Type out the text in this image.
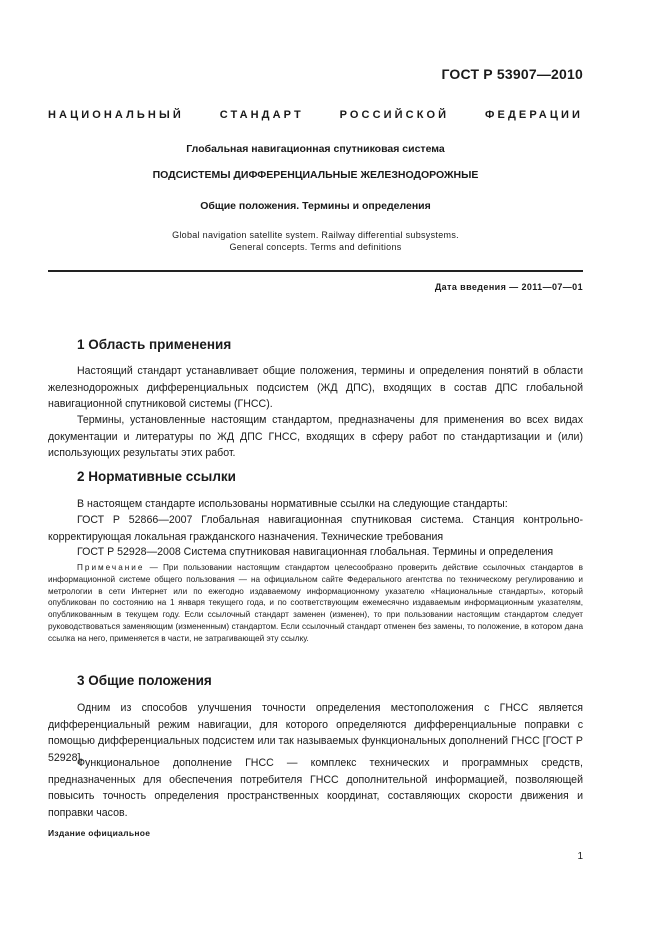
ГОСТ Р 53907—2010
НАЦИОНАЛЬНЫЙ СТАНДАРТ РОССИЙСКОЙ ФЕДЕРАЦИИ
Глобальная навигационная спутниковая система
ПОДСИСТЕМЫ ДИФФЕРЕНЦИАЛЬНЫЕ ЖЕЛЕЗНОДОРОЖНЫЕ
Общие положения. Термины и определения
Global navigation satellite system. Railway differential subsystems.
General concepts. Terms and definitions
Дата введения — 2011—07—01
1 Область применения
Настоящий стандарт устанавливает общие положения, термины и определения понятий в области железнодорожных дифференциальных подсистем (ЖД ДПС), входящих в состав ДПС глобальной навигационной спутниковой системы (ГНСС).
Термины, установленные настоящим стандартом, предназначены для применения во всех видах документации и литературы по ЖД ДПС ГНСС, входящих в сферу работ по стандартизации и (или) использующих результаты этих работ.
2 Нормативные ссылки
В настоящем стандарте использованы нормативные ссылки на следующие стандарты:
ГОСТ Р 52866—2007 Глобальная навигационная спутниковая система. Станция контрольно-корректирующая локальная гражданского назначения. Технические требования
ГОСТ Р 52928—2008 Система спутниковая навигационная глобальная. Термины и определения
Примечание — При пользовании настоящим стандартом целесообразно проверить действие ссылочных стандартов в информационной системе общего пользования — на официальном сайте Федерального агентства по техническому регулированию и метрологии в сети Интернет или по ежегодно издаваемому информационному указателю «Национальные стандарты», который опубликован по состоянию на 1 января текущего года, и по соответствующим ежемесячно издаваемым информационным указателям, опубликованным в текущем году. Если ссылочный стандарт заменен (изменен), то при пользовании настоящим стандартом следует руководствоваться заменяющим (измененным) стандартом. Если ссылочный стандарт отменен без замены, то положение, в котором дана ссылка на него, применяется в части, не затрагивающей эту ссылку.
3 Общие положения
Одним из способов улучшения точности определения местоположения с ГНСС является дифференциальный режим навигации, для которого определяются дифференциальные поправки с помощью дифференциальных подсистем или так называемых функциональных дополнений ГНСС [ГОСТ Р 52928].
Функциональное дополнение ГНСС — комплекс технических и программных средств, предназначенных для обеспечения потребителя ГНСС дополнительной информацией, позволяющей повысить точность определения пространственных координат, составляющих скорости движения и поправки часов.
Издание официальное
1
